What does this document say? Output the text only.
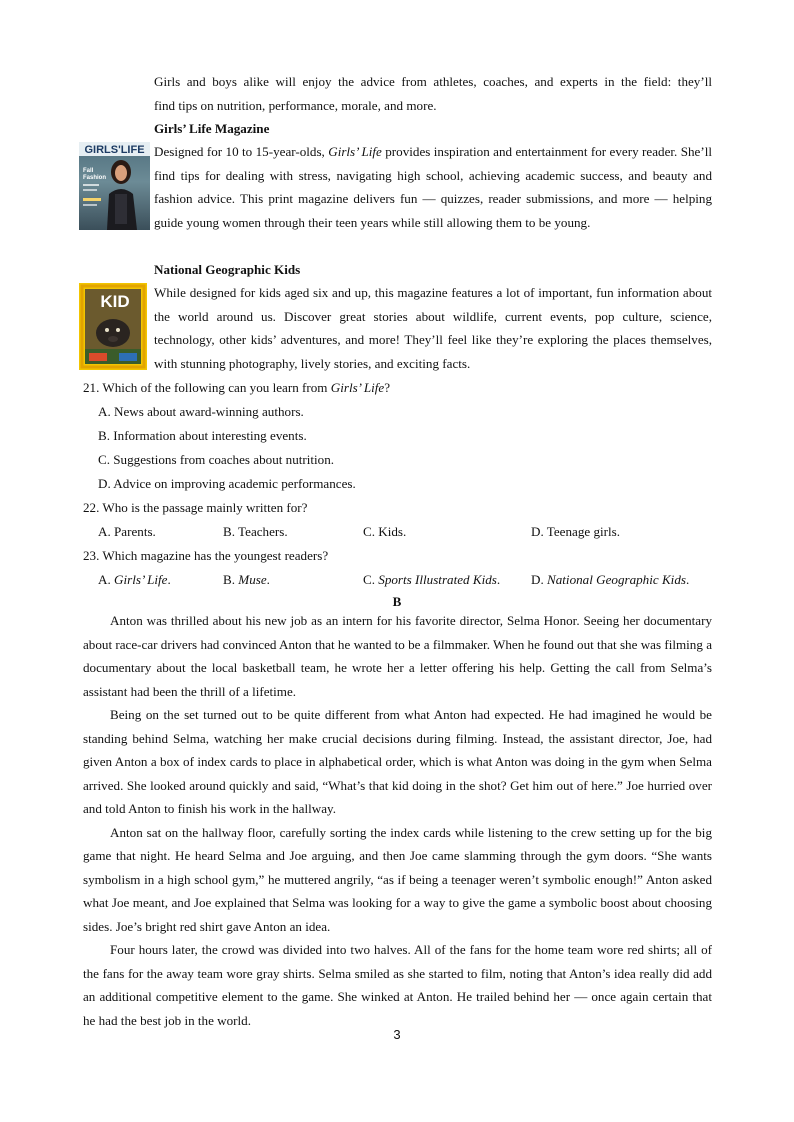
Girls and boys alike will enjoy the advice from athletes, coaches, and experts in the field: they’ll
find tips on nutrition, performance, morale, and more.
Girls’ Life Magazine
GIRLS'LIFE
Fall
Fashion
Designed for 10 to 15-year-olds, Girls’ Life provides inspiration and entertainment for every reader. She’ll find tips for dealing with stress, navigating high school, achieving academic success, and beauty and fashion advice. This print magazine delivers fun — quizzes, reader submissions, and more — helping guide young women through their teen years while still allowing them to be young.
National Geographic Kids
KID While designed for kids aged six and up, this magazine features a lot of important, fun information about the world around us. Discover great stories about wildlife, current events, pop culture, science, technology, other kids’ adventures, and more! They’ll feel like they’re exploring the places themselves, with stunning photography, lively stories, and exciting facts.
21. Which of the following can you learn from Girls’ Life?
A. News about award-winning authors.
B. Information about interesting events.
C. Suggestions from coaches about nutrition.
D. Advice on improving academic performances.
22. Who is the passage mainly written for?
A. Parents.	B. Teachers.	C. Kids.	D. Teenage girls.
23. Which magazine has the youngest readers?
A. Girls’ Life.	B. Muse.	C. Sports Illustrated Kids. D. National Geographic Kids.
B
Anton was thrilled about his new job as an intern for his favorite director, Selma Honor. Seeing her documentary about race-car drivers had convinced Anton that he wanted to be a filmmaker. When he found out that she was filming a documentary about the local basketball team, he wrote her a letter offering his help. Getting the call from Selma’s assistant had been the thrill of a lifetime.
Being on the set turned out to be quite different from what Anton had expected. He had imagined he would be standing behind Selma, watching her make crucial decisions during filming. Instead, the assistant director, Joe, had given Anton a box of index cards to place in alphabetical order, which is what Anton was doing in the gym when Selma arrived. She looked around quickly and said, “What’s that kid doing in the shot? Get him out of here.” Joe hurried over and told Anton to finish his work in the hallway.
Anton sat on the hallway floor, carefully sorting the index cards while listening to the crew setting up for the big game that night. He heard Selma and Joe arguing, and then Joe came slamming through the gym doors. “She wants symbolism in a high school gym,” he muttered angrily, “as if being a teenager weren’t symbolic enough!” Anton asked what Joe meant, and Joe explained that Selma was looking for a way to give the game a symbolic boost about choosing sides. Joe’s bright red shirt gave Anton an idea.
Four hours later, the crowd was divided into two halves. All of the fans for the home team wore red shirts; all of the fans for the away team wore gray shirts. Selma smiled as she started to film, noting that Anton’s idea really did add an additional competitive element to the game. She winked at Anton. He trailed behind her — once again certain that he had the best job in the world.
3
